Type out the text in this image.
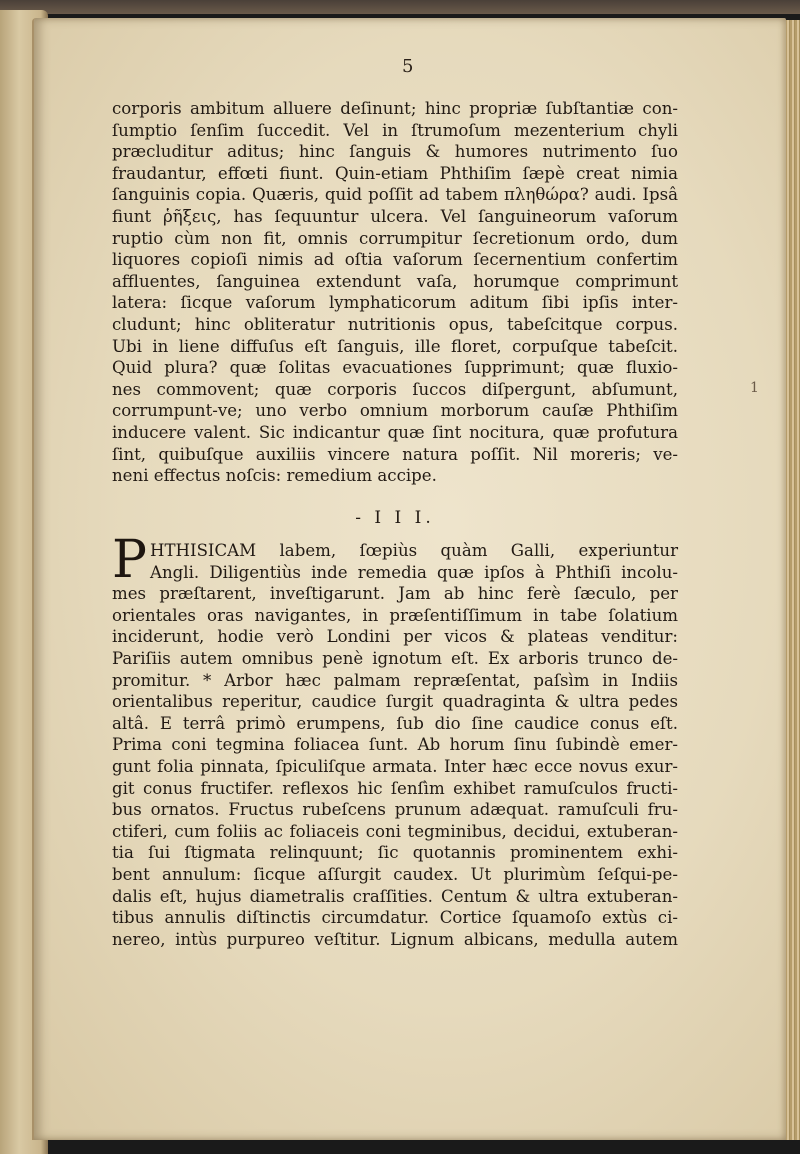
5

1

corporis ambitum alluere deſinunt; hinc propriæ ſubſtantiæ con-

ſumptio ſenſim ſuccedit. Vel in ſtrumoſum mezenterium chyli

præcluditur aditus; hinc ſanguis & humores nutrimento ſuo

fraudantur, effœti fiunt. Quin-etiam Phthiſim ſæpè creat nimia

ſanguinis copia. Quæris, quid poſſit ad tabem πληθώρα? audi. Ipsâ

fiunt ῥῆξεις, has ſequuntur ulcera. Vel ſanguineorum vaſorum

ruptio cùm non fit, omnis corrumpitur ſecretionum ordo, dum

liquores copioſi nimis ad oſtia vaſorum ſecernentium confertim

affluentes, ſanguinea extendunt vaſa, horumque comprimunt

latera: ſicque vaſorum lymphaticorum aditum ſibi ipſis inter-

cludunt; hinc obliteratur nutritionis opus, tabeſcitque corpus.

Ubi in liene diffuſus eſt ſanguis, ille floret, corpuſque tabeſcit.

Quid plura? quæ ſolitas evacuationes ſupprimunt; quæ fluxio-

nes commovent; quæ corporis ſuccos diſpergunt, abſumunt,

corrumpunt-ve; uno verbo omnium morborum cauſæ Phthiſim

inducere valent. Sic indicantur quæ ſint nocitura, quæ profutura

ſint, quibuſque auxiliis vincere natura poſſit. Nil moreris; ve-

neni effectus noſcis: remedium accipe.

- I I I.

P HTHISICAM labem, ſœpiùs quàm Galli, experiuntur

Angli. Diligentiùs inde remedia quæ ipſos à Phthiſi incolu-

mes præſtarent, inveſtigarunt. Jam ab hinc ferè ſæculo, per

orientales oras navigantes, in præſentiſſimum in tabe ſolatium

inciderunt, hodie verò Londini per vicos & plateas venditur:

Pariſiis autem omnibus penè ignotum eſt. Ex arboris trunco de-

promitur. * Arbor hæc palmam repræſentat, paſsìm in Indiis

orientalibus reperitur, caudice ſurgit quadraginta & ultra pedes

altâ. E terrâ primò erumpens, ſub dio ſine caudice conus eſt.

Prima coni tegmina foliacea ſunt. Ab horum ſinu ſubindè emer-

gunt folia pinnata, ſpiculiſque armata. Inter hæc ecce novus exur-

git conus fructifer. reflexos hic ſenſìm exhibet ramuſculos fructi-

bus ornatos. Fructus rubeſcens prunum adæquat. ramuſculi fru-

ctiferi, cum foliis ac foliaceis coni tegminibus, decidui, extuberan-

tia ſui ſtigmata relinquunt; ſic quotannis prominentem exhi-

bent annulum: ſicque aſſurgit caudex. Ut plurimùm ſeſqui-pe-

dalis eſt, hujus diametralis craſſities. Centum & ultra extuberan-

tibus annulis diſtinctis circumdatur. Cortice ſquamoſo extùs ci-

nereo, intùs purpureo veſtitur. Lignum albicans, medulla autem
